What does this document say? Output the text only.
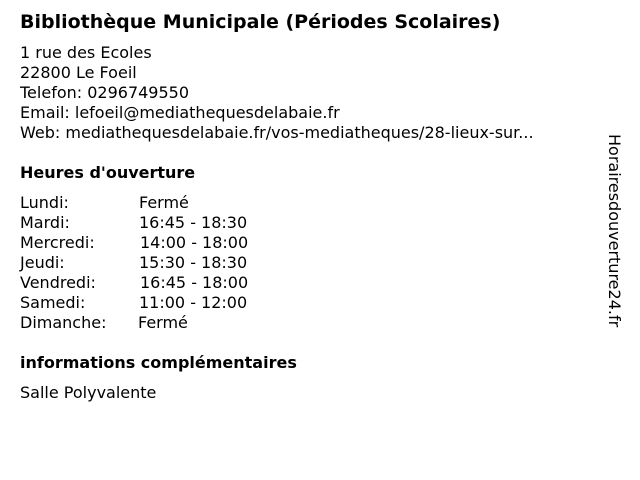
Bibliothèque Municipale (Périodes Scolaires)
1 rue des Ecoles
22800 Le Foeil
Telefon: 0296749550
Email: lefoeil@mediathequesdelabaie.fr
Web: mediathequesdelabaie.fr/vos-mediatheques/28-lieux-sur...
Heures d'ouverture
Lundi:	Fermé
Mardi:	16:45 - 18:30
Mercredi:	14:00 - 18:00
Jeudi:	15:30 - 18:30
Vendredi:	16:45 - 18:00
Samedi:	11:00 - 12:00
Dimanche: Fermé
informations complémentaires
Salle Polyvalente
Horairesdouverture24.fr
